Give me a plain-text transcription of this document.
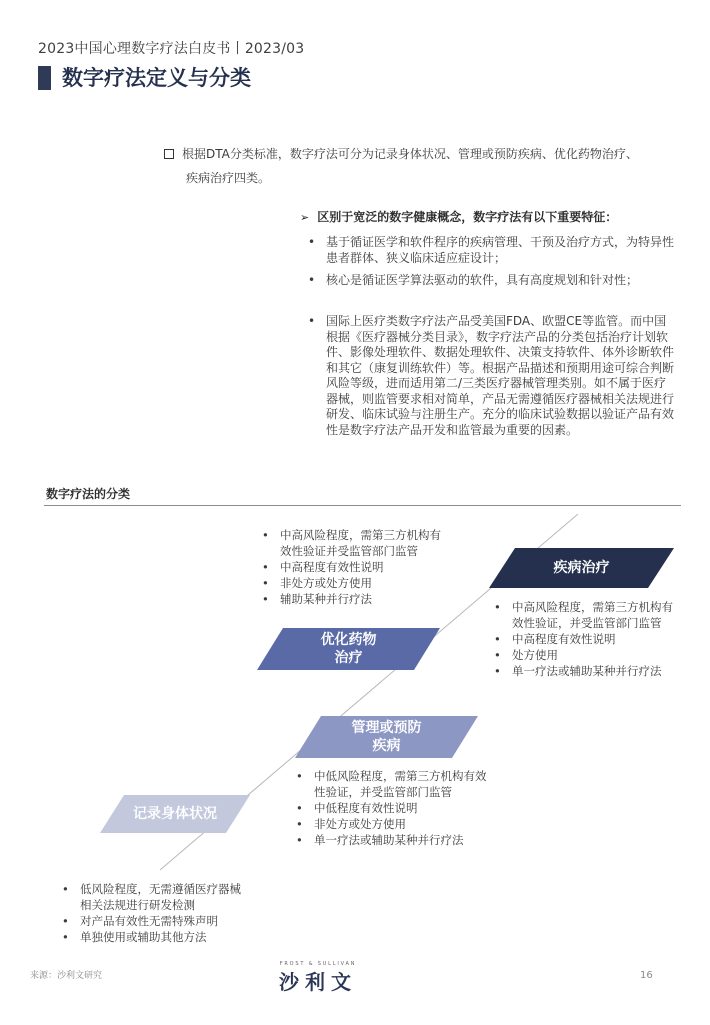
2023中国心理数字疗法白皮书丨2023/03
数字疗法定义与分类
根据DTA分类标准，数字疗法可分为记录身体状况、管理或预防疾病、优化药物治疗、
疾病治疗四类。
➢ 区别于宽泛的数字健康概念，数字疗法有以下重要特征：
• 基于循证医学和软件程序的疾病管理、干预及治疗方式，为特异性患者群体、狭义临床适应症设计；
• 核心是循证医学算法驱动的软件，具有高度规划和针对性；
• 国际上医疗类数字疗法产品受美国FDA、欧盟CE等监管。而中国根据《医疗器械分类目录》，数字疗法产品的分类包括治疗计划软件、影像处理软件、数据处理软件、决策支持软件、体外诊断软件和其它（康复训练软件）等。根据产品描述和预期用途可综合判断风险等级，进而适用第二/三类医疗器械管理类别。如不属于医疗器械，则监管要求相对简单，产品无需遵循医疗器械相关法规进行研发、临床试验与注册生产。充分的临床试验数据以验证产品有效性是数字疗法产品开发和监管最为重要的因素。
数字疗法的分类
记录身体状况
管理或预防
疾病
优化药物
治疗
疾病治疗
• 中高风险程度，需第三方机构有效性验证并受监管部门监管
• 中高程度有效性说明
• 非处方或处方使用
• 辅助某种并行疗法
• 中高风险程度，需第三方机构有效性验证，并受监管部门监管
• 中高程度有效性说明
• 处方使用
• 单一疗法或辅助某种并行疗法
• 中低风险程度，需第三方机构有效性验证，并受监管部门监管
• 中低程度有效性说明
• 非处方或处方使用
• 单一疗法或辅助某种并行疗法
• 低风险程度，无需遵循医疗器械相关法规进行研发检测
• 对产品有效性无需特殊声明
• 单独使用或辅助其他方法
来源：沙利文研究
FROST & SULLIVAN
沙利文	16
